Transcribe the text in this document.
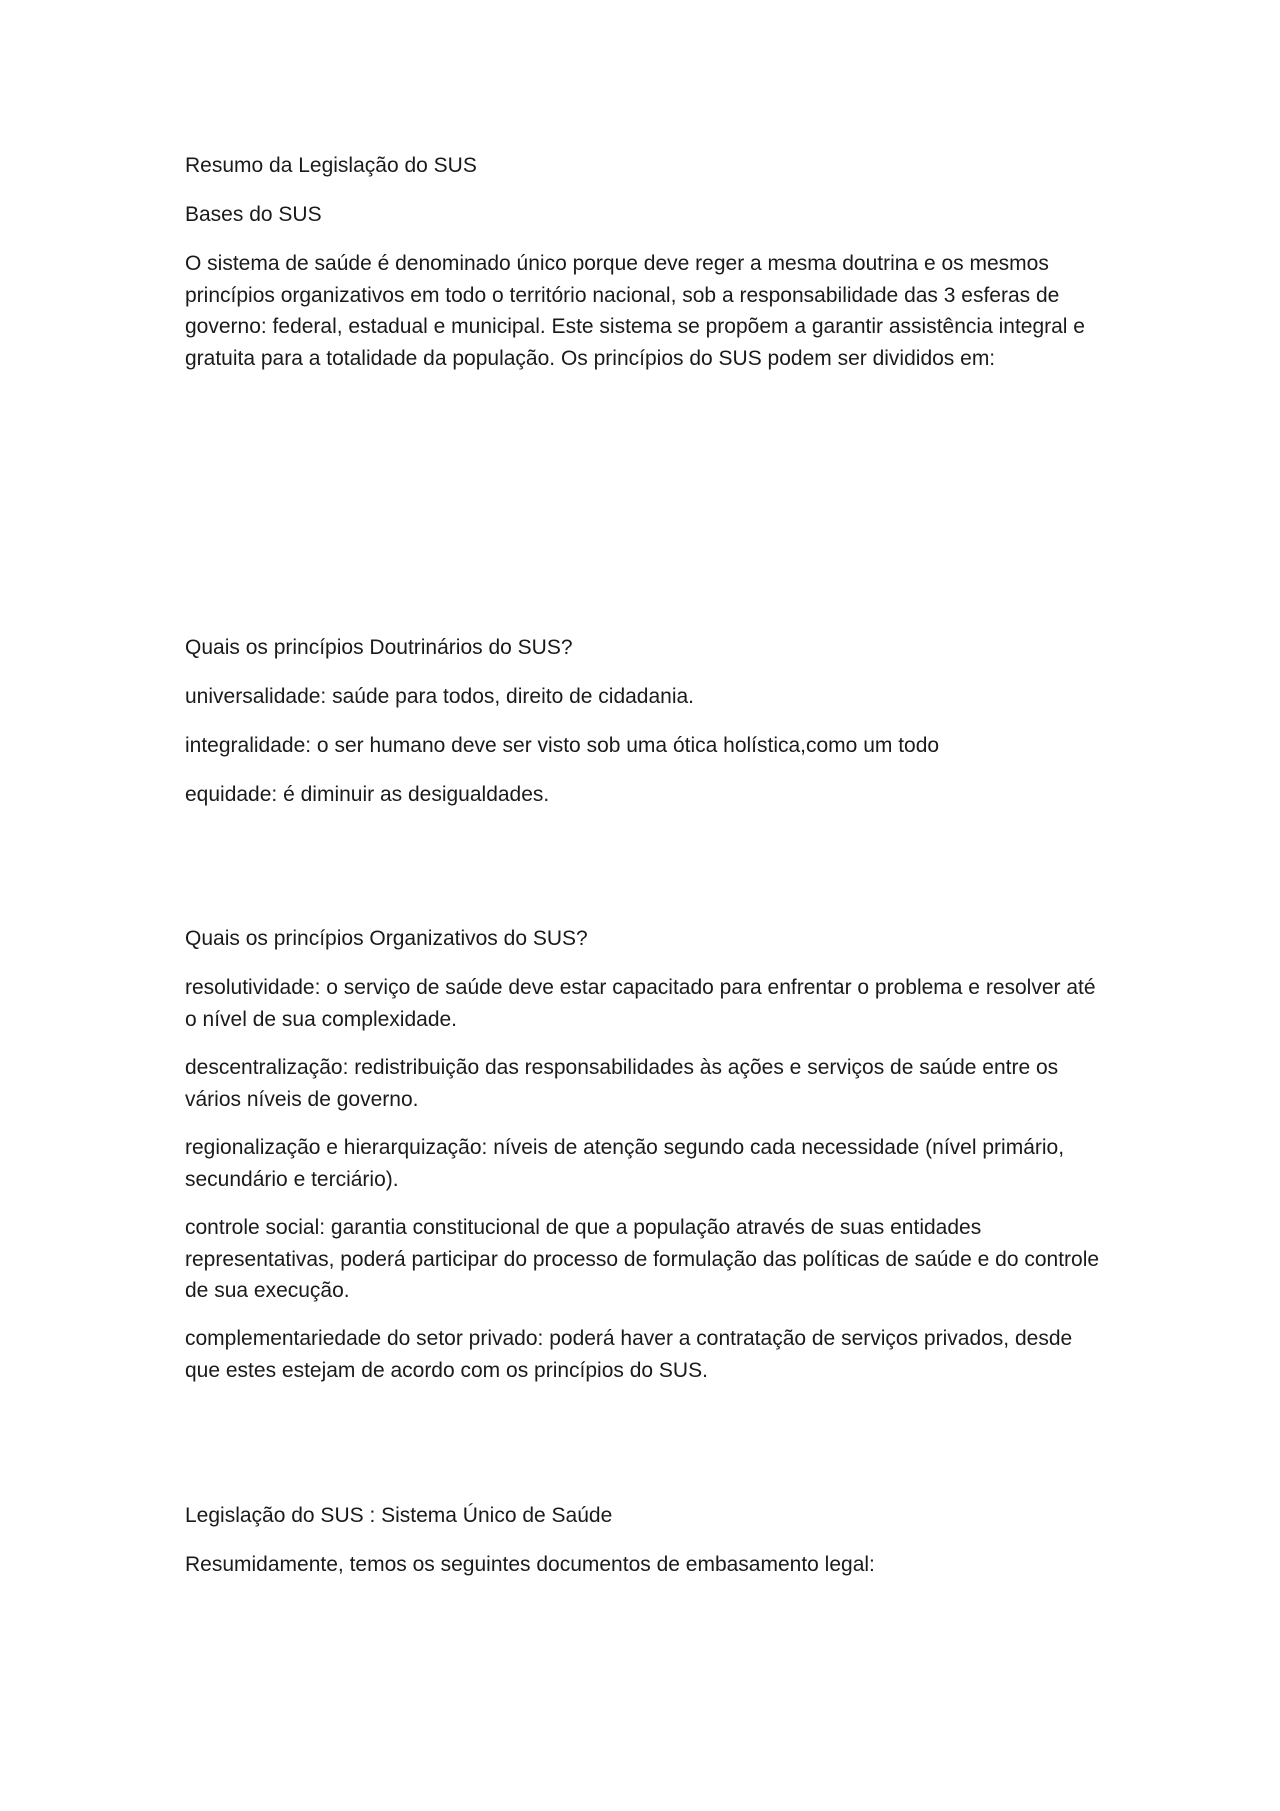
Resumo da Legislação do SUS

Bases do SUS

O sistema de saúde é denominado único porque deve reger a mesma doutrina e os mesmos princípios organizativos em todo o território nacional, sob a responsabilidade das 3 esferas de governo: federal, estadual e municipal. Este sistema se propõem a garantir assistência integral e gratuita para a totalidade da população. Os princípios do SUS podem ser divididos em:

Quais os princípios Doutrinários do SUS?

universalidade: saúde para todos, direito de cidadania.

integralidade: o ser humano deve ser visto sob uma ótica holística,como um todo

equidade: é diminuir as desigualdades.

Quais os princípios Organizativos do SUS?

resolutividade: o serviço de saúde deve estar capacitado para enfrentar o problema e resolver até o nível de sua complexidade.

descentralização: redistribuição das responsabilidades às ações e serviços de saúde entre os vários níveis de governo.

regionalização e hierarquização: níveis de atenção segundo cada necessidade (nível primário, secundário e terciário).

controle social: garantia constitucional de que a população através de suas entidades representativas, poderá participar do processo de formulação das políticas de saúde e do controle de sua execução.

complementariedade do setor privado: poderá haver a contratação de serviços privados, desde que estes estejam de acordo com os princípios do SUS.

Legislação do SUS : Sistema Único de Saúde

Resumidamente, temos os seguintes documentos de embasamento legal:
